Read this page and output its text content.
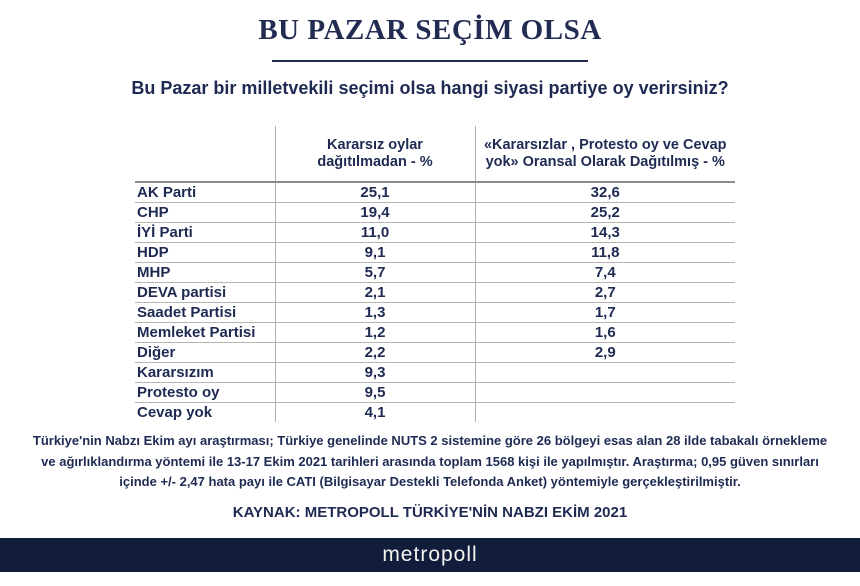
BU PAZAR SEÇİM OLSA
Bu Pazar bir milletvekili seçimi olsa hangi siyasi partiye oy verirsiniz?
	Kararsız oylar dağıtılmadan - %	«Kararsızlar , Protesto oy ve Cevap yok» Oransal Olarak Dağıtılmış - %
AK Parti	25,1	32,6
CHP	19,4	25,2
İYİ Parti	11,0	14,3
HDP	9,1	11,8
MHP	5,7	7,4
DEVA partisi	2,1	2,7
Saadet Partisi	1,3	1,7
Memleket Partisi	1,2	1,6
Diğer	2,2	2,9
Kararsızım	9,3	
Protesto oy	9,5	
Cevap yok	4,1	

Türkiye'nin Nabzı Ekim ayı araştırması; Türkiye genelinde NUTS 2 sistemine göre 26 bölgeyi esas alan 28 ilde tabakalı örnekleme ve ağırlıklandırma yöntemi ile 13-17 Ekim 2021 tarihleri arasında toplam 1568 kişi ile yapılmıştır. Araştırma; 0,95 güven sınırları içinde +/- 2,47 hata payı ile CATI (Bilgisayar Destekli Telefonda Anket) yöntemiyle gerçekleştirilmiştir.

KAYNAK: METROPOLL TÜRKİYE'NİN NABZI EKİM 2021

metropoll
